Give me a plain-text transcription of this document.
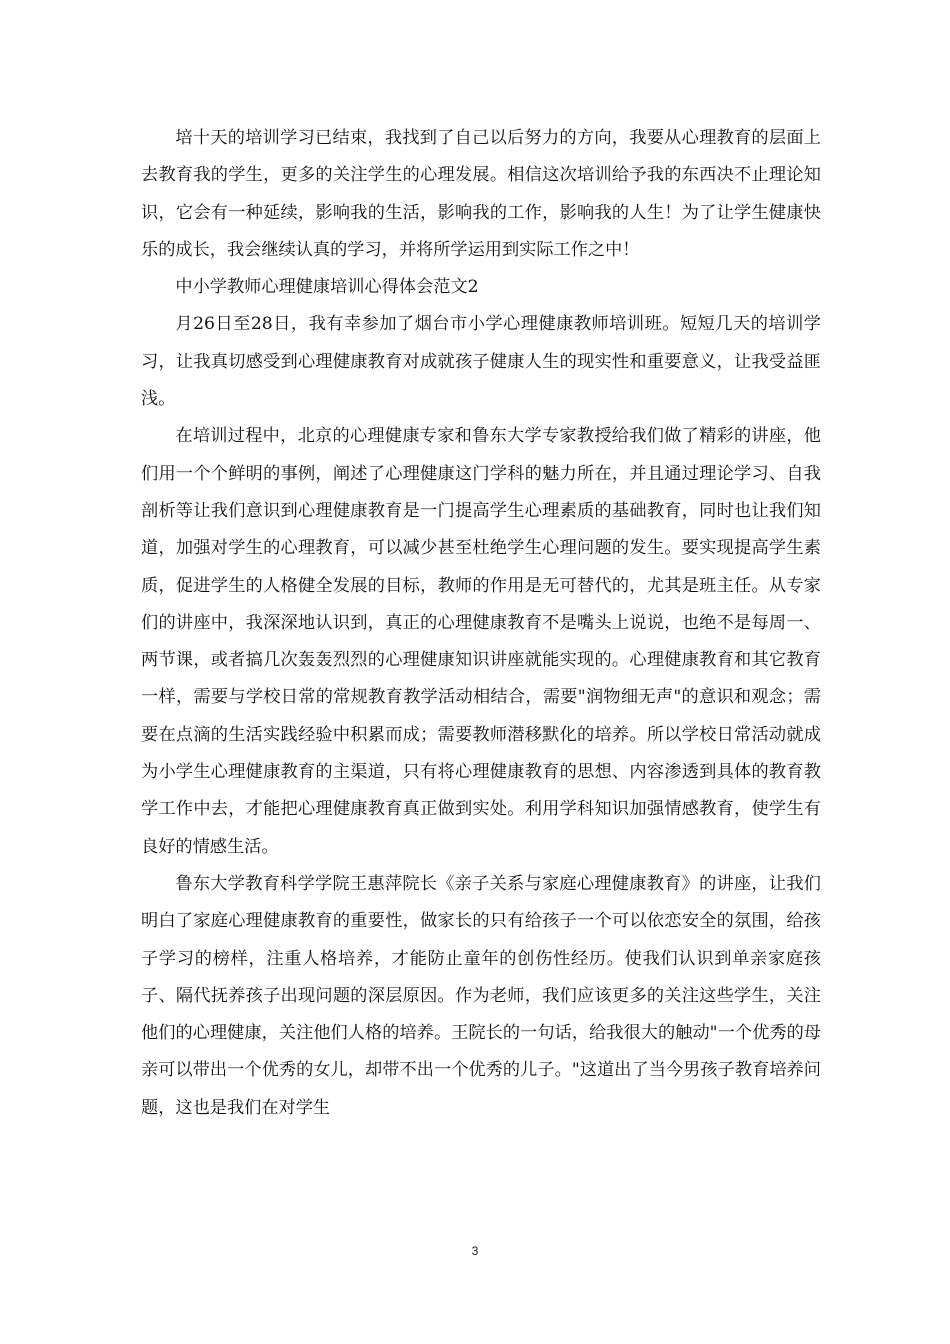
培十天的培训学习已结束，我找到了自己以后努力的方向，我要从心理教育的层面上去教育我的学生，更多的关注学生的心理发展。相信这次培训给予我的东西决不止理论知识，它会有一种延续，影响我的生活，影响我的工作，影响我的人生！为了让学生健康快乐的成长，我会继续认真的学习，并将所学运用到实际工作之中！

中小学教师心理健康培训心得体会范文2

月26日至28日，我有幸参加了烟台市小学心理健康教师培训班。短短几天的培训学习，让我真切感受到心理健康教育对成就孩子健康人生的现实性和重要意义，让我受益匪浅。

在培训过程中，北京的心理健康专家和鲁东大学专家教授给我们做了精彩的讲座，他们用一个个鲜明的事例，阐述了心理健康这门学科的魅力所在，并且通过理论学习、自我剖析等让我们意识到心理健康教育是一门提高学生心理素质的基础教育，同时也让我们知道，加强对学生的心理教育，可以减少甚至杜绝学生心理问题的发生。要实现提高学生素质，促进学生的人格健全发展的目标，教师的作用是无可替代的，尤其是班主任。从专家们的讲座中，我深深地认识到，真正的心理健康教育不是嘴头上说说，也绝不是每周一、两节课，或者搞几次轰轰烈烈的心理健康知识讲座就能实现的。心理健康教育和其它教育一样，需要与学校日常的常规教育教学活动相结合，需要"润物细无声"的意识和观念；需要在点滴的生活实践经验中积累而成；需要教师潜移默化的培养。所以学校日常活动就成为小学生心理健康教育的主渠道，只有将心理健康教育的思想、内容渗透到具体的教育教学工作中去，才能把心理健康教育真正做到实处。利用学科知识加强情感教育，使学生有良好的情感生活。

鲁东大学教育科学学院王惠萍院长《亲子关系与家庭心理健康教育》的讲座，让我们明白了家庭心理健康教育的重要性，做家长的只有给孩子一个可以依恋安全的氛围，给孩子学习的榜样，注重人格培养，才能防止童年的创伤性经历。使我们认识到单亲家庭孩子、隔代抚养孩子出现问题的深层原因。作为老师，我们应该更多的关注这些学生，关注他们的心理健康，关注他们人格的培养。王院长的一句话，给我很大的触动"一个优秀的母亲可以带出一个优秀的女儿，却带不出一个优秀的儿子。"这道出了当今男孩子教育培养问题，这也是我们在对学生

3
